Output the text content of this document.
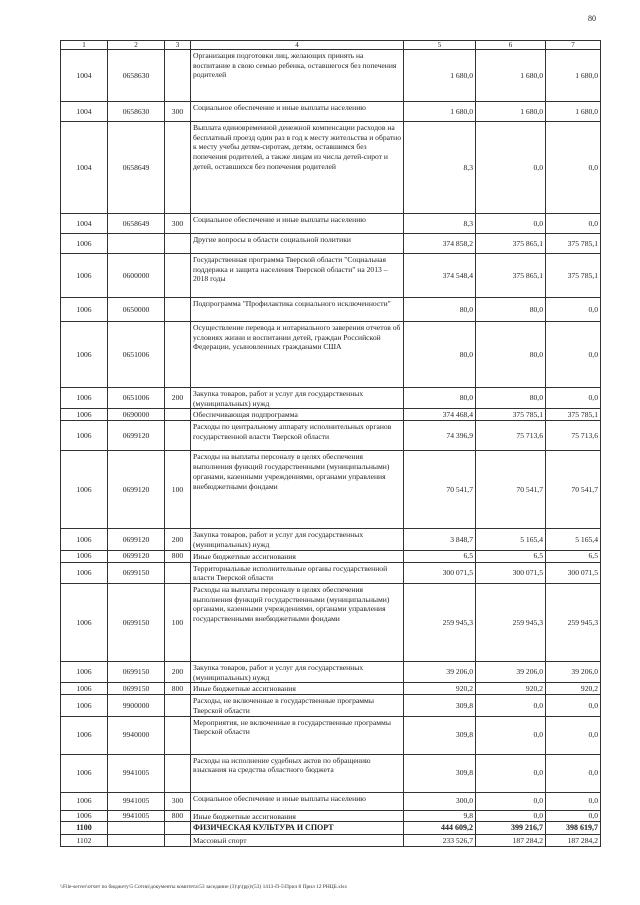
80
1	2	3	4	5	6	7
1004	0658630		Организация подготовки лиц, желающих принять на воспитание в свою семью ребенка, оставшегося без попечения родителей	1 680,0	1 680,0	1 680,0
1004	0658630	300	Социальное обеспечение и иные выплаты населению	1 680,0	1 680,0	1 680,0
1004	0658649		Выплата единовременной денежной компенсации расходов на бесплатный проезд один раз в год к месту жительства и обратно к месту учебы детям-сиротам, детям, оставшимся без попечения родителей, а также лицам из числа детей-сирот и детей, оставшихся без попечения родителей	8,3	0,0	0,0
1004	0658649	300	Социальное обеспечение и иные выплаты населению	8,3	0,0	0,0
1006			Другие вопросы в области социальной политики	374 858,2	375 865,1	375 785,1
1006	0600000		Государственная программа Тверской области "Социальная поддержка и защита населения Тверской области" на 2013 – 2018 годы	374 548,4	375 865,1	375 785,1
1006	0650000		Подпрограмма "Профилактика социального исключенности"	80,0	80,0	0,0
1006	0651006		Осуществление перевода и нотариального заверения отчетов об условиях жизни и воспитании детей, граждан Российской Федерации, усыновленных гражданами США	80,0	80,0	0,0
1006	0651006	200	Закупка товаров, работ и услуг для государственных (муниципальных) нужд	80,0	80,0	0,0
1006	0690000		Обеспечивающая подпрограмма	374 468,4	375 785,1	375 785,1
1006	0699120		Расходы по центральному аппарату исполнительных органов государственной власти Тверской области	74 396,9	75 713,6	75 713,6
1006	0699120	100	Расходы на выплаты персоналу в целях обеспечения выполнения функций государственными (муниципальными) органами, казенными учреждениями, органами управления внебюджетными фондами	70 541,7	70 541,7	70 541,7
1006	0699120	200	Закупка товаров, работ и услуг для государственных (муниципальных) нужд	3 848,7	5 165,4	5 165,4
1006	0699120	800	Иные бюджетные ассигнования	6,5	6,5	6,5
1006	0699150		Территориальные исполнительные органы государственной власти Тверской области	300 071,5	300 071,5	300 071,5
1006	0699150	100	Расходы на выплаты персоналу в целях обеспечения выполнения функций государственными (муниципальными) органами, казенными учреждениями, органами управления государственными внебюджетными фондами	259 945,3	259 945,3	259 945,3
1006	0699150	200	Закупка товаров, работ и услуг для государственных (муниципальных) нужд	39 206,0	39 206,0	39 206,0
1006	0699150	800	Иные бюджетные ассигнования	920,2	920,2	920,2
1006	9900000		Расходы, не включенные в государственные программы Тверской области	309,8	0,0	0,0
1006	9940000		Мероприятия, не включенные в государственные программы Тверской области	309,8	0,0	0,0
1006	9941005		Расходы на исполнение судебных актов по обращению взыскания на средства областного бюджета	309,8	0,0	0,0
1006	9941005	300	Социальное обеспечение и иные выплаты населению	300,0	0,0	0,0
1006	9941005	800	Иные бюджетные ассигнования	9,8	0,0	0,0
1100			ФИЗИЧЕСКАЯ КУЛЬТУРА И СПОРТ	444 609,2	399 216,7	398 619,7
1102			Массовый спорт	233 526,7	187 284,2	187 284,2
\\File-server\отчет по бюджету\5 Сотни\документы комитета\53 заседание (3)\р\(рр)\(53) 1413-П-5\Прил 8 Прил 12 РНЦБ.xlsx
